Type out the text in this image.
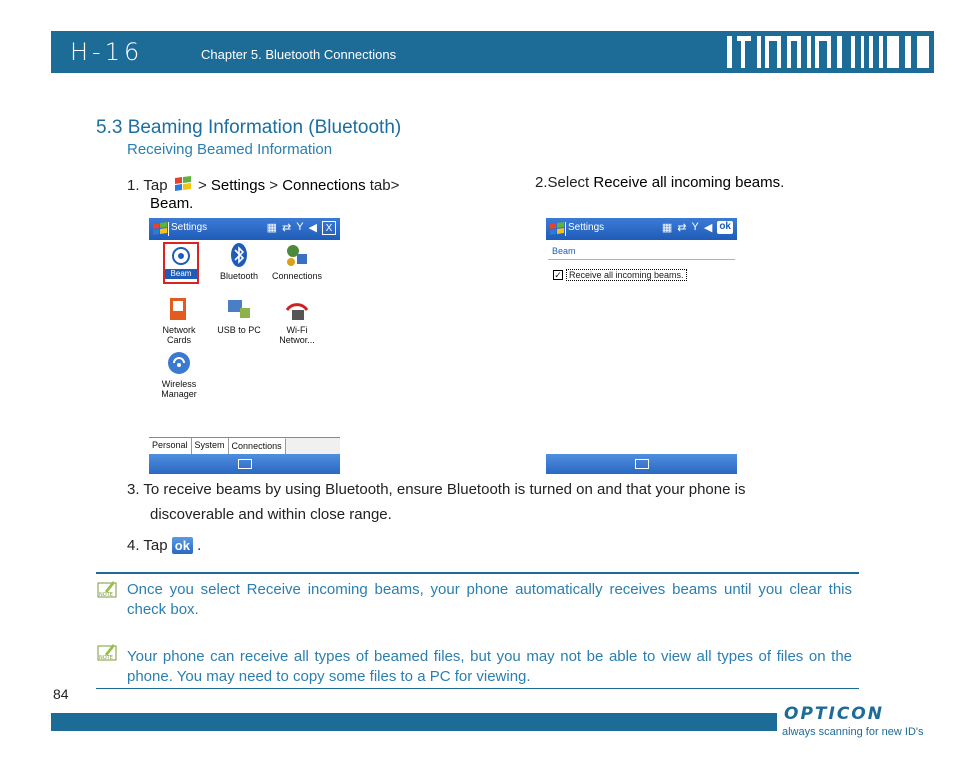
H-16	Chapter 5. Bluetooth Connections
5.3 Beaming Information (Bluetooth)
Receiving Beamed Information
1. Tap > Settings > Connections tab>
Beam.
2.Select Receive all incoming beams.
Settings	▦ ⇄ Y ◀ X
Beam	Bluetooth	Connections
Network Cards
USB to PC	Wi-Fi Networ...
Wireless Manager
Personal System Connections
Settings	▦ ⇄ Y ◀ ok
Beam
✓ Receive all incoming beams.
3. To receive beams by using Bluetooth, ensure Bluetooth is turned on and that your phone is
discoverable and within close range.
4. Tap ok .
NOTE Once you select Receive incoming beams, your phone automatically receives beams until you clear this check box.
NOTE Your phone can receive all types of beamed files, but you may not be able to view all types of files on the phone. You may need to copy some files to a PC for viewing.
84
OPTICON
always scanning for new ID's
